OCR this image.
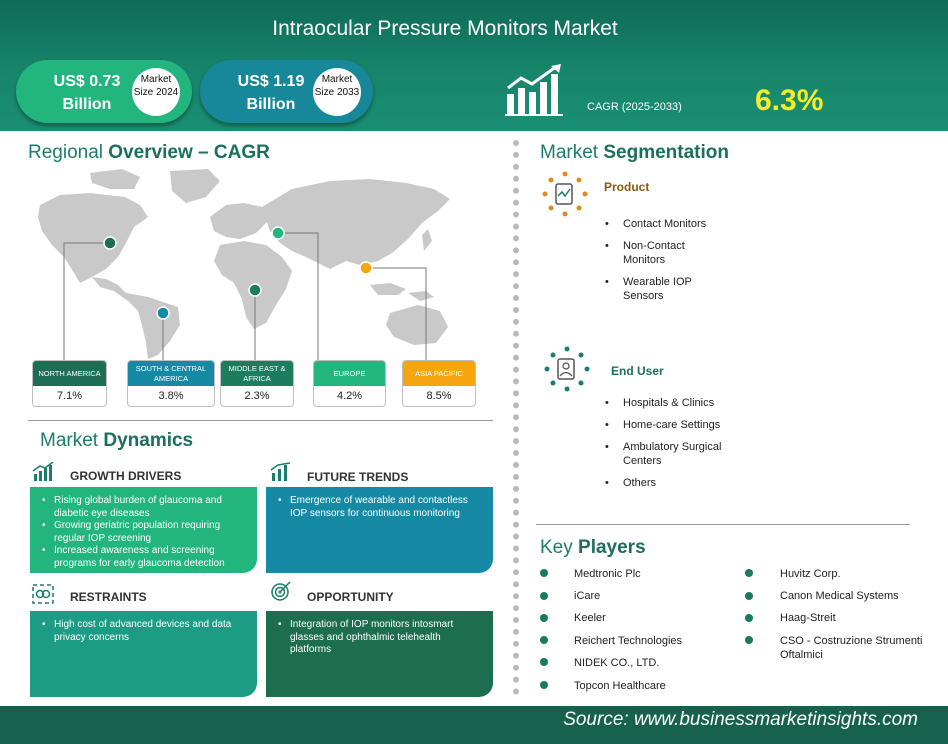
Intraocular Pressure Monitors Market
US$ 0.73 Billion
Market Size 2024
US$ 1.19 Billion
Market Size 2033
CAGR (2025-2033) 6.3%
Regional Overview – CAGR
NORTH AMERICA
7.1%
SOUTH & CENTRAL AMERICA
3.8%
MIDDLE EAST & AFRICA
2.3%
EUROPE
4.2%
ASIA PACIFIC
8.5%
Market Dynamics
GROWTH DRIVERS
• Rising global burden of glaucoma and diabetic eye diseases
• Growing geriatric population requiring regular IOP screening
• Increased awareness and screening programs for early glaucoma detection
FUTURE TRENDS
• Emergence of wearable and contactless IOP sensors for continuous monitoring
RESTRAINTS
• High cost of advanced devices and data privacy concerns
OPPORTUNITY
• Integration of IOP monitors intosmart glasses and ophthalmic telehealth platforms
Market Segmentation
Product
• Contact Monitors
• Non-Contact Monitors
• Wearable IOP Sensors
End User
• Hospitals & Clinics
• Home-care Settings
• Ambulatory Surgical Centers
• Others
Key Players
Medtronic Plc
iCare
Keeler
Reichert Technologies
NIDEK CO., LTD.
Topcon Healthcare
Huvitz Corp.
Canon Medical Systems
Haag-Streit
CSO - Costruzione Strumenti Oftalmici
Source: www.businessmarketinsights.com
